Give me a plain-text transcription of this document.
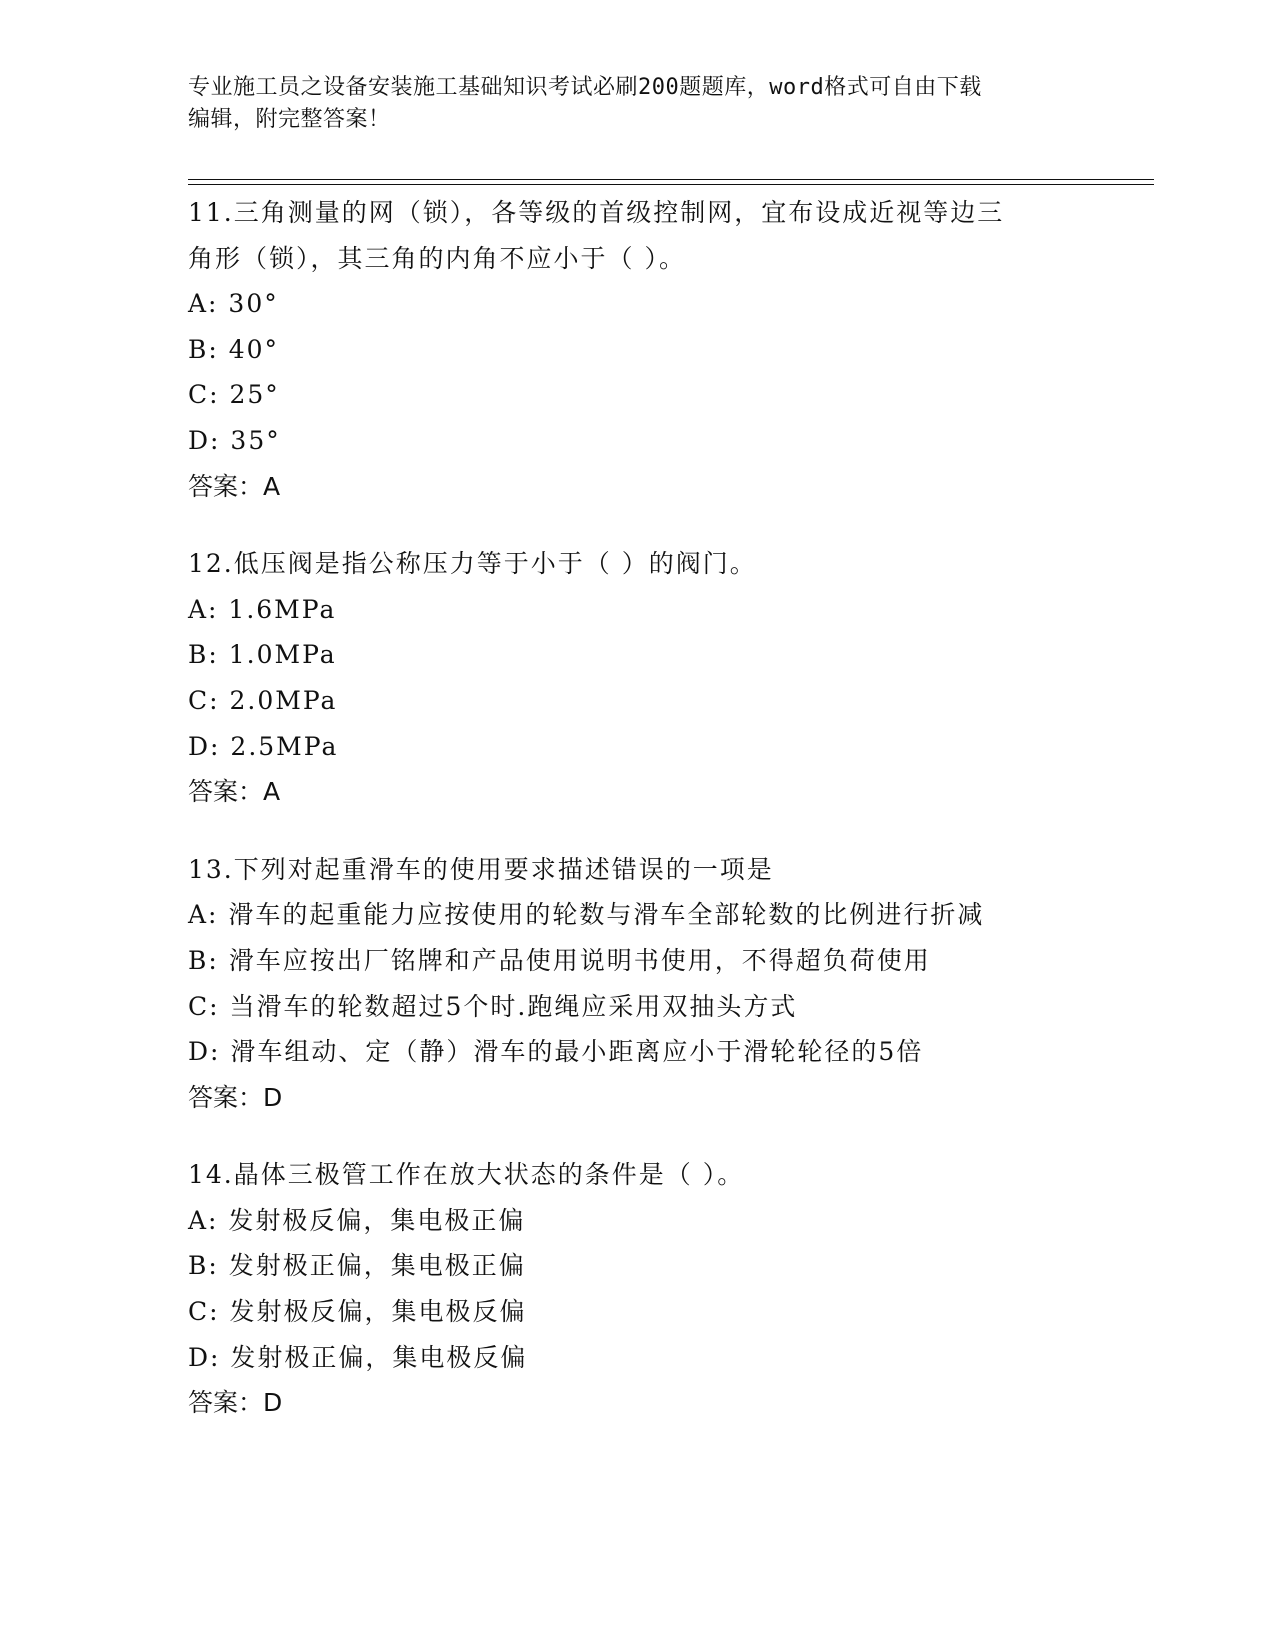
专业施工员之设备安装施工基础知识考试必刷200题题库，word格式可自由下载
编辑，附完整答案！
11.三角测量的网（锁），各等级的首级控制网，宜布设成近视等边三
角形（锁），其三角的内角不应小于（ ）。
A: 30°
B: 40°
C: 25°
D: 35°
答案：A
12.低压阀是指公称压力等于小于（ ）的阀门。
A: 1.6MPa
B: 1.0MPa
C: 2.0MPa
D: 2.5MPa
答案：A
13.下列对起重滑车的使用要求描述错误的一项是
A: 滑车的起重能力应按使用的轮数与滑车全部轮数的比例进行折减
B: 滑车应按出厂铭牌和产品使用说明书使用，不得超负荷使用
C: 当滑车的轮数超过5个时.跑绳应采用双抽头方式
D: 滑车组动、定（静）滑车的最小距离应小于滑轮轮径的5倍
答案：D
14.晶体三极管工作在放大状态的条件是（ ）。
A: 发射极反偏，集电极正偏
B: 发射极正偏，集电极正偏
C: 发射极反偏，集电极反偏
D: 发射极正偏，集电极反偏
答案：D
